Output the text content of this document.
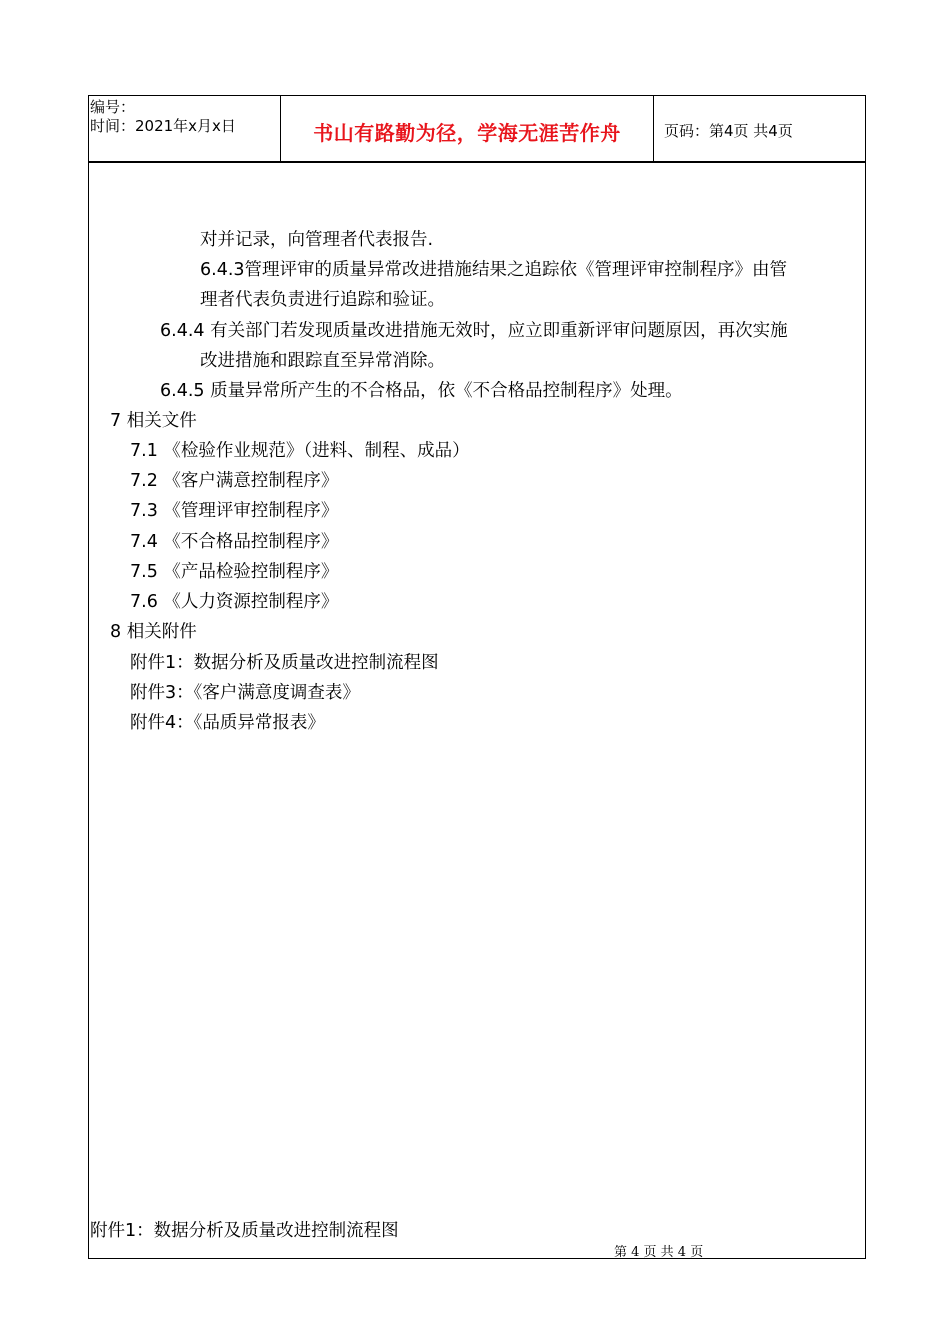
编号：
时间：2021年x月x日	书山有路勤为径，学海无涯苦作舟	页码：第4页 共4页
对并记录，向管理者代表报告.
6.4.3管理评审的质量异常改进措施结果之追踪依《管理评审控制程序》由管
理者代表负责进行追踪和验证。
6.4.4 有关部门若发现质量改进措施无效时，应立即重新评审问题原因，再次实施
改进措施和跟踪直至异常消除。
6.4.5 质量异常所产生的不合格品，依《不合格品控制程序》处理。
7 相关文件
7.1 《检验作业规范》（进料、制程、成品）
7.2 《客户满意控制程序》
7.3 《管理评审控制程序》
7.4 《不合格品控制程序》
7.5 《产品检验控制程序》
7.6 《人力资源控制程序》
8 相关附件
附件1：数据分析及质量改进控制流程图
附件3：《客户满意度调查表》
附件4：《品质异常报表》
附件1：数据分析及质量改进控制流程图
第 4 页 共 4 页
